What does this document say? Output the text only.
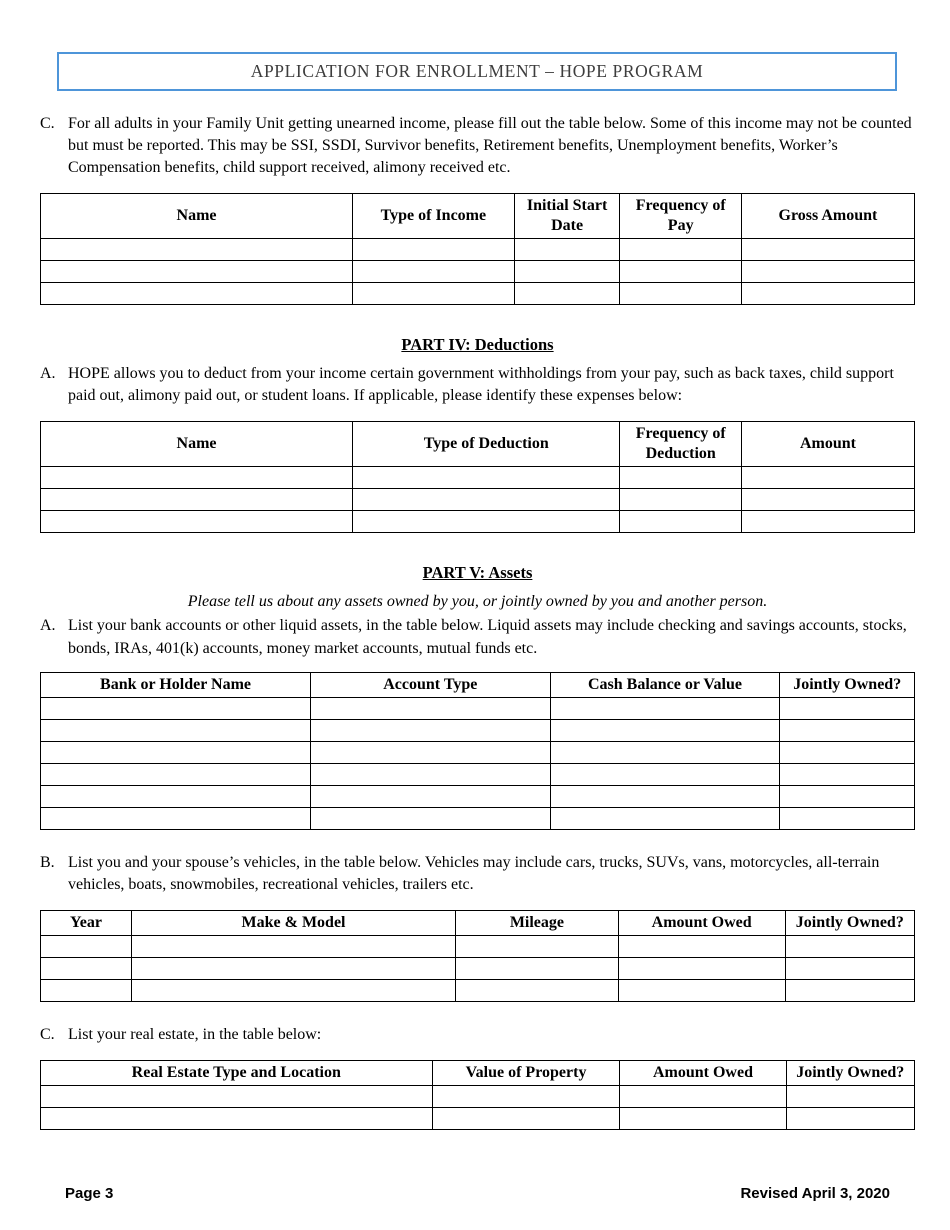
APPLICATION FOR ENROLLMENT – HOPE PROGRAM
C. For all adults in your Family Unit getting unearned income, please fill out the table below. Some of this income may not be counted but must be reported. This may be SSI, SSDI, Survivor benefits, Retirement benefits, Unemployment benefits, Worker’s Compensation benefits, child support received, alimony received etc.
Name	Type of Income	Initial Start Date	Frequency of Pay	Gross Amount

PART IV: Deductions
A. HOPE allows you to deduct from your income certain government withholdings from your pay, such as back taxes, child support paid out, alimony paid out, or student loans. If applicable, please identify these expenses below:
Name	Type of Deduction	Frequency of Deduction	Amount

PART V: Assets
Please tell us about any assets owned by you, or jointly owned by you and another person.
A. List your bank accounts or other liquid assets, in the table below. Liquid assets may include checking and savings accounts, stocks, bonds, IRAs, 401(k) accounts, money market accounts, mutual funds etc.
Bank or Holder Name	Account Type	Cash Balance or Value	Jointly Owned?

B. List you and your spouse’s vehicles, in the table below. Vehicles may include cars, trucks, SUVs, vans, motorcycles, all-terrain vehicles, boats, snowmobiles, recreational vehicles, trailers etc.
Year	Make & Model	Mileage	Amount Owed	Jointly Owned?

C. List your real estate, in the table below:
Real Estate Type and Location	Value of Property	Amount Owed	Jointly Owned?

Page 3	Revised April 3, 2020
